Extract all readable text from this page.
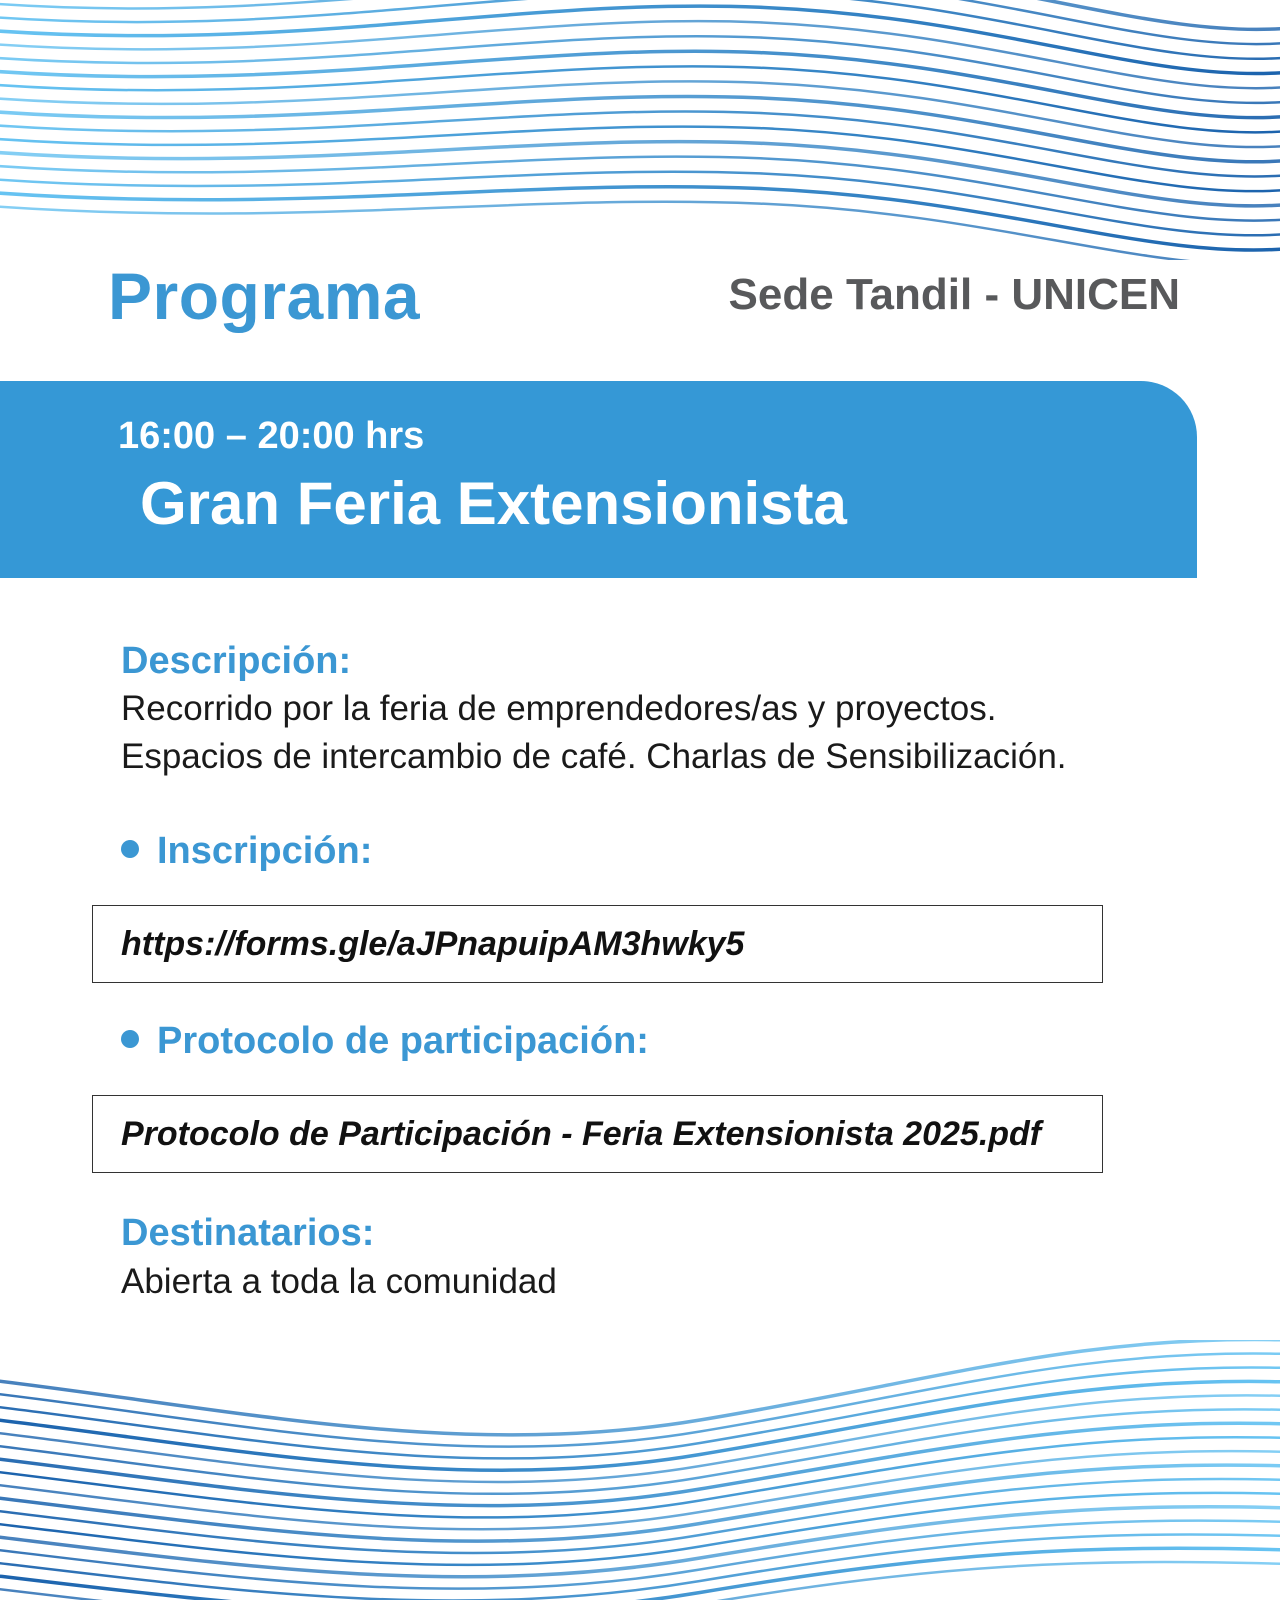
Programa	Sede Tandil - UNICEN

16:00 – 20:00 hrs

Gran Feria Extensionista

Descripción:

Recorrido por la feria de emprendedores/as y proyectos.
Espacios de intercambio de café. Charlas de Sensibilización.

Inscripción:

https://forms.gle/aJPnapuipAM3hwky5

Protocolo de participación:

Protocolo de Participación - Feria Extensionista 2025.pdf

Destinatarios:

Abierta a toda la comunidad
